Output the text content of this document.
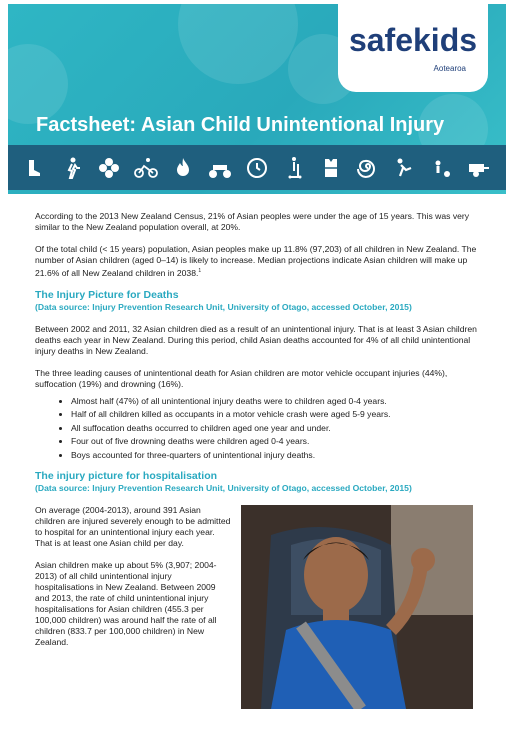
safekids
Aotearoa
Factsheet: Asian Child Unintentional Injury

According to the 2013 New Zealand Census, 21% of Asian peoples were under the age of 15 years. This was very similar to the New Zealand population overall, at 20%.

Of the total child (< 15 years) population, Asian peoples make up 11.8% (97,203) of all children in New Zealand. The number of Asian children (aged 0–14) is likely to increase. Median projections indicate Asian children will make up 21.6% of all New Zealand children in 2038.$^1$

The Injury Picture for Deaths
(Data source: Injury Prevention Research Unit, University of Otago, accessed October, 2015)

Between 2002 and 2011, 32 Asian children died as a result of an unintentional injury. That is at least 3 Asian children deaths each year in New Zealand. During this period, child Asian deaths accounted for 4% of all child unintentional injury deaths in New Zealand.

The three leading causes of unintentional death for Asian children are motor vehicle occupant injuries (44%), suffocation (19%) and drowning (16%).

• Almost half (47%) of all unintentional injury deaths were to children aged 0-4 years.
• Half of all children killed as occupants in a motor vehicle crash were aged 5-9 years.
• All suffocation deaths occurred to children aged one year and under.
• Four out of five drowning deaths were children aged 0-4 years.
• Boys accounted for three-quarters of unintentional injury deaths.
The injury picture for hospitalisation
(Data source: Injury Prevention Research Unit, University of Otago, accessed October, 2015)

On average (2004-2013), around 391 Asian children are injured severely enough to be admitted to hospital for an unintentional injury each year. That is at least one Asian child per day.

Asian children make up about 5% (3,907; 2004-2013) of all child unintentional injury hospitalisations in New Zealand. Between 2009 and 2013, the rate of child unintentional injury hospitalisations for Asian children (455.3 per 100,000 children) was around half the rate of all children (833.7 per 100,000 children) in New Zealand.
